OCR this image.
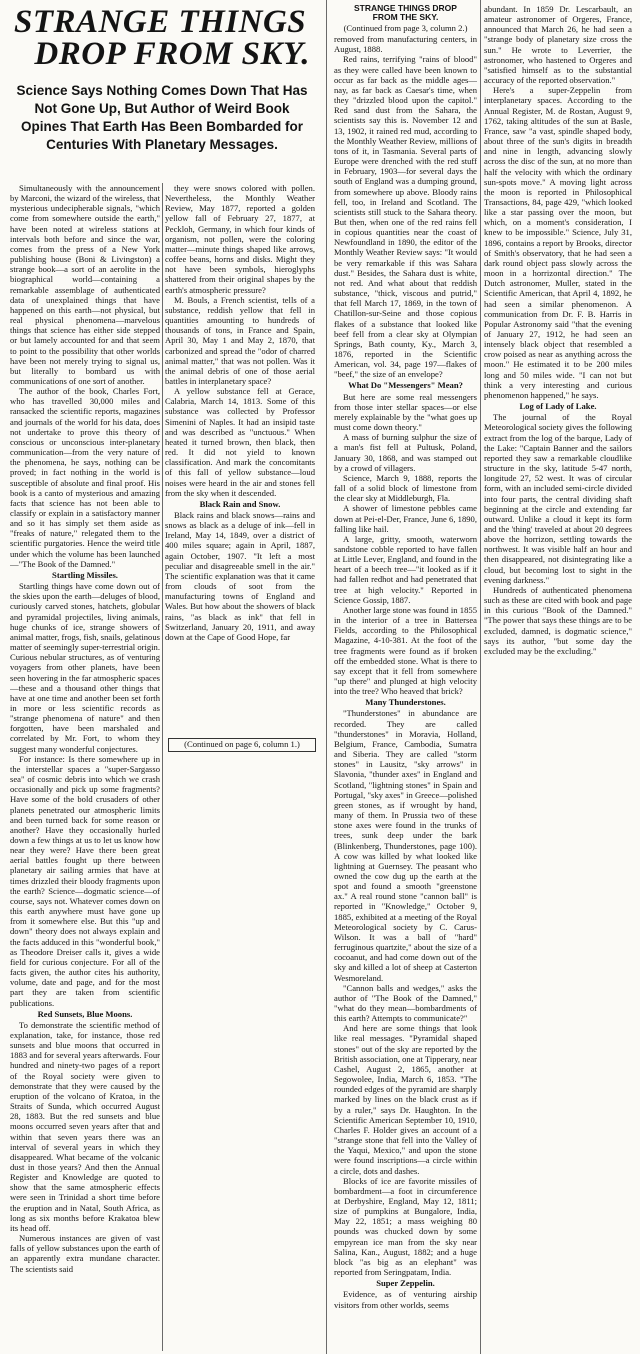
STRANGE THINGS
DROP FROM SKY.
Science Says Nothing Comes Down That Has Not Gone Up, But Author of Weird Book Opines That Earth Has Been Bombarded for Centuries With Planetary Messages.

Simultaneously with the announcement by Marconi, the wizard of the wireless, that mysterious undecipherable signals, "which come from somewhere outside the earth," have been noted at wireless stations at intervals both before and since the war, comes from the press of a New York publishing house (Boni & Livingston) a strange book—a sort of an aerolite in the biographical world—containing a remarkable assemblage of authenticated data of unexplained things that have happened on this earth—not physical, but real physical phenomena—marvelous things that science has either side stepped or but lamely accounted for and that seem to point to the possibility that other worlds have been not merely trying to signal us, but literally to bombard us with communications of one sort of another.

The author of the book, Charles Fort, who has travelled 30,000 miles and ransacked the scientific reports, magazines and journals of the world for his data, does not undertake to prove this theory of conscious or unconscious inter-planetary communication—from the very nature of the phenomena, he says, nothing can be proved; in fact nothing in the world is susceptible of absolute and final proof. His book is a canto of mysterious and amazing facts that science has not been able to classify or explain in a satisfactory manner and so it has simply set them aside as "freaks of nature," relegated them to the scientific purgatories. Hence the weird title under which the volume has been launched—"The Book of the Damned."

Startling Missiles.

Startling things have come down out of the skies upon the earth—deluges of blood, curiously carved stones, hatchets, globular and pyramidal projectiles, living animals, huge chunks of ice, strange showers of animal matter, frogs, fish, snails, gelatinous matter of seemingly super-terrestrial origin. Curious nebular structures, as of venturing voyagers from other planets, have been seen hovering in the far atmospheric spaces—these and a thousand other things that have at one time and another been set forth in more or less scientific records as "strange phenomena of nature" and then forgotten, have been marshaled and correlated by Mr. Fort, to whom they suggest many wonderful conjectures.

For instance: Is there somewhere up in the interstellar spaces a "super-Sargasso sea" of cosmic debris into which we crash occasionally and pick up some fragments? Have some of the bold crusaders of other planets penetrated our atmospheric limits and been turned back for some reason or another? Have they occasionally hurled down a few things at us to let us know how near they were? Have there been great aerial battles fought up there between planetary air sailing armies that have at times drizzled their bloody fragments upon the earth? Science—dogmatic science—of course, says not. Whatever comes down on this earth anywhere must have gone up from it somewhere else. But this "up and down" theory does not always explain and the facts adduced in this "wonderful book," as Theodore Dreiser calls it, gives a wide field for curious conjecture. For all of the facts given, the author cites his authority, volume, date and page, and for the most part they are taken from scientific publications.

Red Sunsets, Blue Moons.

To demonstrate the scientific method of explanation, take, for instance, those red sunsets and blue moons that occurred in 1883 and for several years afterwards. Four hundred and ninety-two pages of a report of the Royal society were given to demonstrate that they were caused by the eruption of the volcano of Kratoa, in the Straits of Sunda, which occurred August 28, 1883. But the red sunsets and blue moons occurred seven years after that and within that seven years there was an interval of several years in which they disappeared. What became of the volcanic dust in those years? And then the Annual Register and Knowledge are quoted to show that the same atmospheric effects were seen in Trinidad a short time before the eruption and in Natal, South Africa, as long as six months before Krakatoa blew its head off.

Numerous instances are given of vast falls of yellow substances upon the earth of an apparently extra mundane character. The scientists said

they were snows colored with pollen. Nevertheless, the Monthly Weather Review, May 1877, reported a golden yellow fall of February 27, 1877, at Peckloh, Germany, in which four kinds of organism, not pollen, were the coloring matter—minute things shaped like arrows, coffee beans, horns and disks. Might they not have been symbols, hieroglyphs shattered from their original shapes by the earth's atmospheric pressure?

M. Bouls, a French scientist, tells of a substance, reddish yellow that fell in quantities amounting to hundreds of thousands of tons, in France and Spain, April 30, May 1 and May 2, 1870, that carbonized and spread the "odor of charred animal matter," that was not pollen. Was it the animal debris of one of those aerial battles in interplanetary space?

A yellow substance fell at Gerace, Calabria, March 14, 1813. Some of this substance was collected by Professor Simenini of Naples. It had an insipid taste and was described as "unctuous." When heated it turned brown, then black, then red. It did not yield to known classification. And mark the concomitants of this fall of yellow substance—loud noises were heard in the air and stones fell from the sky when it descended.

Black Rain and Snow.

Black rains and black snows—rains and snows as black as a deluge of ink—fell in Ireland, May 14, 1849, over a district of 400 miles square; again in April, 1887, again October, 1907. "It left a most peculiar and disagreeable smell in the air." The scientific explanation was that it came from clouds of soot from the manufacturing towns of England and Wales. But how about the showers of black rains, "as black as ink" that fell in Switzerland, January 20, 1911, and away down at the Cape of Good Hope, far

(Continued on page 6, column 1.)
STRANGE THINGS DROP
FROM THE SKY.

(Continued from page 3, column 2.)

removed from manufacturing centers, in August, 1888.

Red rains, terrifying "rains of blood" as they were called have been known to occur as far back as the middle ages—nay, as far back as Caesar's time, when they "drizzled blood upon the capitol." Red sand dust from the Sahara, the scientists say this is. November 12 and 13, 1902, it rained red mud, according to the Monthly Weather Review, millions of tons of it, in Tasmania. Several parts of Europe were drenched with the red stuff in February, 1903—for several days the south of England was a dumping ground, from somewhere up above. Bloody rains fell, too, in Ireland and Scotland. The scientists still stuck to the Sahara theory. But then, when one of the red rains fell in copious quantities near the coast of Newfoundland in 1890, the editor of the Monthly Weather Review says: "It would be very remarkable if this was Sahara dust." Besides, the Sahara dust is white, not red. And what about that reddish substance, "thick, viscous and putrid," that fell March 17, 1869, in the town of Chatillon-sur-Seine and those copious flakes of a substance that looked like beef fell from a clear sky at Olympian Springs, Bath county, Ky., March 3, 1876, reported in the Scientific American, vol. 34, page 197—flakes of "beef," the size of an envelope?

What Do "Messengers" Mean?

But here are some real messengers from those inter stellar spaces—or else merely explainable by the "what goes up must come down theory."

A mass of burning sulphur the size of a man's fist fell at Pultusk, Poland, January 30, 1868, and was stamped out by a crowd of villagers.

Science, March 9, 1888, reports the fall of a solid block of limestone from the clear sky at Middleburgh, Fla.

A shower of limestone pebbles came down at Pei-el-Der, France, June 6, 1890, falling like hail.

A large, gritty, smooth, waterworn sandstone cobble reported to have fallen at Little Lever, England, and found in the heart of a beech tree—"it looked as if it had fallen redhot and had penetrated that tree at high velocity." Reported in Science Gossip, 1887.

Another large stone was found in 1855 in the interior of a tree in Battersea Fields, according to the Philosophical Magazine, 4-10-381. At the foot of the tree fragments were found as if broken off the embedded stone. What is there to say except that it fell from somewhere "up there" and plunged at high velocity into the tree? Who heaved that brick?

Many Thunderstones.

"Thunderstones" in abundance are recorded. They are called "thunderstones" in Moravia, Holland, Belgium, France, Cambodia, Sumatra and Siberia. They are called "storm stones" in Lausitz, "sky arrows" in Slavonia, "thunder axes" in England and Scotland, "lightning stones" in Spain and Portugal, "sky axes" in Greece—polished green stones, as if wrought by hand, many of them. In Prussia two of these stone axes were found in the trunks of trees, sunk deep under the bark (Blinkenberg, Thunderstones, page 100). A cow was killed by what looked like lightning at Guernsey. The peasant who owned the cow dug up the earth at the spot and found a smooth "greenstone ax." A real round stone "cannon ball" is reported in "Knowledge," October 9, 1885, exhibited at a meeting of the Royal Meteorological society by C. Carus-Wilson. It was a ball of "hard" ferruginous quartzite," about the size of a cocoanut, and had come down out of the sky and killed a lot of sheep at Casterton Wesmoreland.

"Cannon balls and wedges," asks the author of "The Book of the Damned," "what do they mean—bombardments of this earth? Attempts to communicate?"

And here are some things that look like real messages. "Pyramidal shaped stones" out of the sky are reported by the British association, one at Tipperary, near Cashel, August 2, 1865, another at Segowolee, India, March 6, 1853. "The rounded edges of the pyramid are sharply marked by lines on the black crust as if by a ruler," says Dr. Haughton. In the Scientific American September 10, 1910, Charles F. Holder gives an account of a "strange stone that fell into the Valley of the Yaqui, Mexico," and upon the stone were found inscriptions—a circle within a circle, dots and dashes.

Blocks of ice are favorite missiles of bombardment—a foot in circumference at Derbyshire, England, May 12, 1811; size of pumpkins at Bungalore, India, May 22, 1851; a mass weighing 80 pounds was chucked down by some empyrean ice man from the sky near Salina, Kan., August, 1882; and a huge block "as big as an elephant" was reported from Seringpatam, India.

Super Zeppelin.

Evidence, as of venturing airship visitors from other worlds, seems

abundant. In 1859 Dr. Lescarbault, an amateur astronomer of Orgeres, France, announced that March 26, he had seen a "strange body of planetary size cross the sun." He wrote to Leverrier, the astronomer, who hastened to Orgeres and "satisfied himself as to the substantial accuracy of the reported observation."

Here's a super-Zeppelin from interplanetary spaces. According to the Annual Register, M. de Rostan, August 9, 1762, taking altitudes of the sun at Basle, France, saw "a vast, spindle shaped body, about three of the sun's digits in breadth and nine in length, advancing slowly across the disc of the sun, at no more than half the velocity with which the ordinary sun-spots move." A moving light across the moon is reported in Philosophical Transactions, 84, page 429, "which looked like a star passing over the moon, but which, on a moment's consideration, I knew to be impossible." Science, July 31, 1896, contains a report by Brooks, director of Smith's observatory, that he had seen a dark round object pass slowly across the moon in a horrizontal direction." The Dutch astronomer, Muller, stated in the Scientific American, that April 4, 1892, he had seen a similar phenomenon. A communication from Dr. F. B. Harris in Popular Astronomy said "that the evening of January 27, 1912, he had seen an intensely black object that resembled a crow poised as near as anything across the moon." He estimated it to be 200 miles long and 50 miles wide. "I can not but think a very interesting and curious phenomenon happened," he says.

Log of Lady of Lake.

The journal of the Royal Meteorological society gives the following extract from the log of the barque, Lady of the Lake: "Captain Banner and the sailors reported they saw a remarkable cloudlike structure in the sky, latitude 5-47 north, longitude 27, 52 west. It was of circular form, with an included semi-circle divided into four parts, the central dividing shaft beginning at the circle and extending far outward. Unlike a cloud it kept its form and the 'thing' traveled at about 20 degrees above the horrizon, settling towards the northwest. It was visible half an hour and then disappeared, not disintegrating like a cloud, but becoming lost to sight in the evening darkness."

Hundreds of authenticated phenomena such as these are cited with book and page in this curious "Book of the Damned." "The power that says these things are to be excluded, damned, is dogmatic science," says its author, "but some day the excluded may be the excluding."
